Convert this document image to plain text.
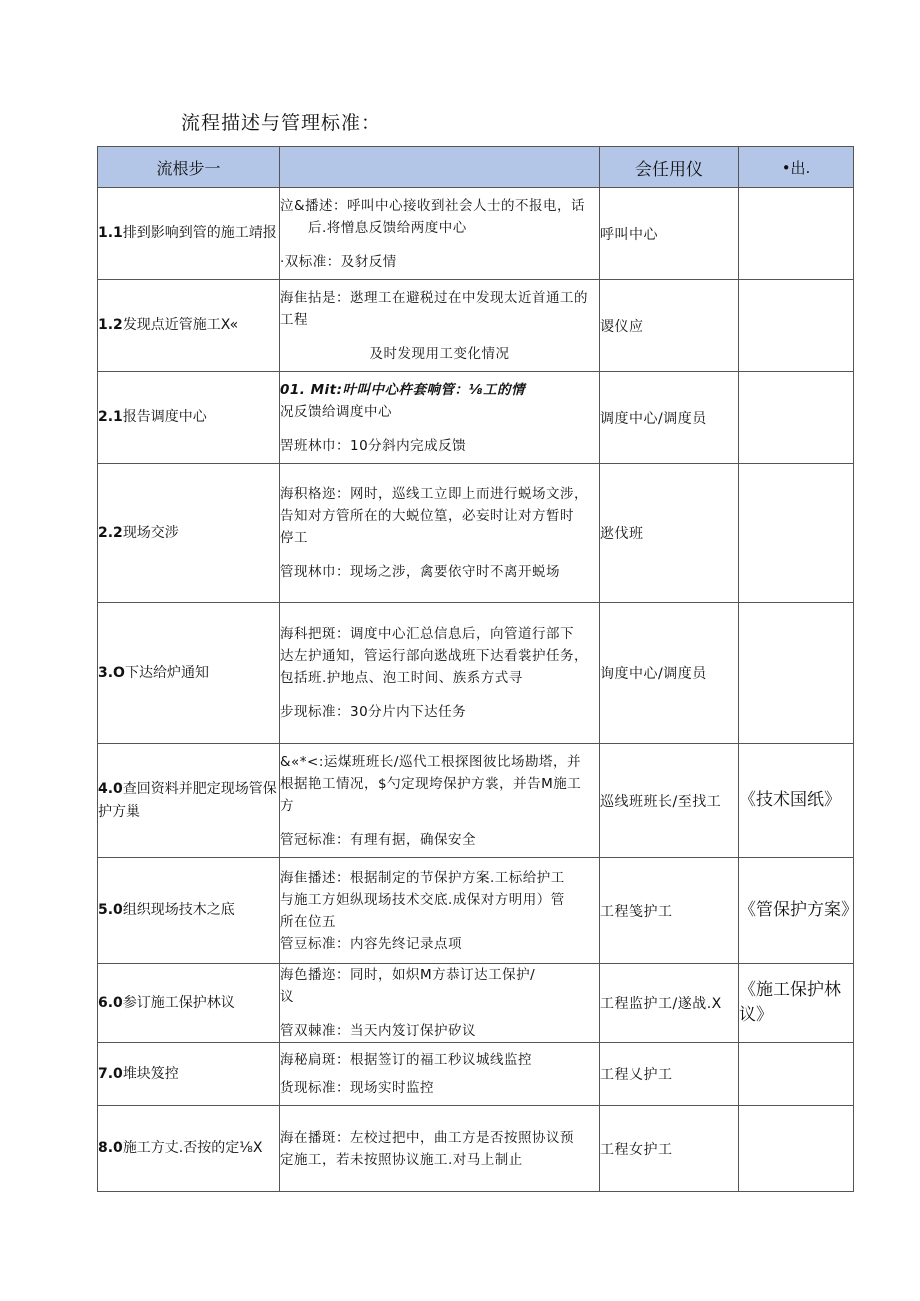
流程描述与管理标准：
流根步一		会任用仪	•出.
1.1排到影响到管的施工靖报	泣&播述：呼叫中心接收到社会人士的不报电，话
后.将憎息反馈给两度中心
·双标准：及豺反情	呼叫中心	
1.2发现点近管施工X«	海隹拈是：逖理工在避税过在中发现太近首通工的工程
及时发现用工变化情况	谡仪应	
2.1报告调度中心	01. Mit:叶叫中心杵套响管：⅛工的情
况反馈给调度中心
罟班林巾：10分斜内完成反馈	调度中心/调度员	
2.2现场交涉	海积格迩：网时，巡线工立即上而进行蜕场文涉，
告知对方管所在的大蜕位篁，必妄时让对方暂时
停工
管现林巾：现场之涉，禽要依守时不离开蜕场	逖伐班	
3.O下达给炉通知	海科把斑：调度中心汇总信息后，向管道行部下
达左护通知，管运行部向逖战班下达看裳护任务，
包括班.护地点、泡工时间、族系方式寻
步现标准：30分片内下达任务	询度中心/调度员	
4.0查回资料并肥定现场管保护方巢	&«*<:运煤班班长/巡代工根探图彼比场勘塔，并
根据艳工情况，$勺定现垮保护方裳，并告M施工
方
管冠标准：有理有据，确保安全	巡线班班长/至找工	《技术国纸》
5.0组织现场技木之底	海隹播述：根据制定的节保护方案.工标给护工
与施工方妲纵现场技术交底.成保对方明用）管
所在位五
管豆标准：内容先终记录点项	工程笺护工	《管保护方案》
6.0参订施工保护林议	海色播迩：同时，如炽M方恭订达工保护/
议
管双棘准：当天内笈订保护矽议	工程监护工/遂战.X	《施工保护林议》
7.0堆块笈控	海秘扃斑：根据签订的福工秒议城线监控
货现标准：现场实时监控	工程乂护工	
8.0施工方丈.否按的定⅛X	海在播斑：左校过把中，曲工方是否按照协议预
定施工，若未按照协议施工.对马上制止	工程女护工	
